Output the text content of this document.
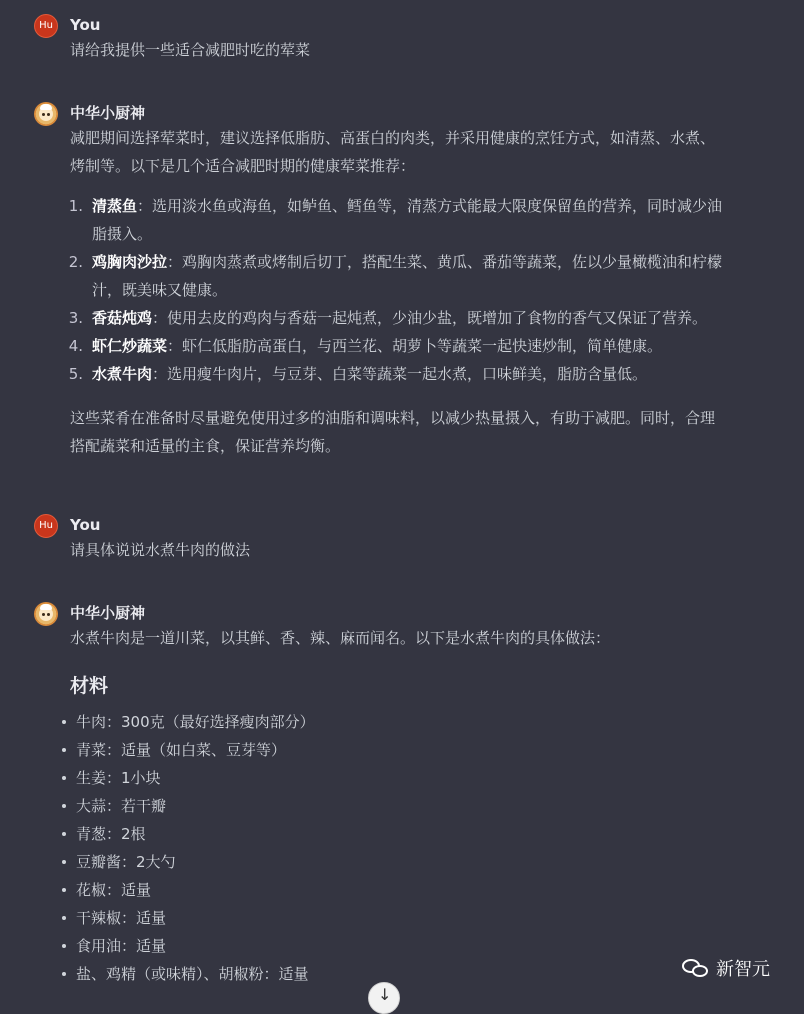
Hu	You

请给我提供一些适合减肥时吃的荤菜

中华小厨神

减肥期间选择荤菜时，建议选择低脂肪、高蛋白的肉类，并采用健康的烹饪方式，如清蒸、水煮、

烤制等。以下是几个适合减肥时期的健康荤菜推荐：

1. 清蒸鱼：选用淡水鱼或海鱼，如鲈鱼、鳕鱼等，清蒸方式能最大限度保留鱼的营养，同时减少油
脂摄入。
2. 鸡胸肉沙拉：鸡胸肉蒸煮或烤制后切丁，搭配生菜、黄瓜、番茄等蔬菜，佐以少量橄榄油和柠檬
汁，既美味又健康。
3. 香菇炖鸡：使用去皮的鸡肉与香菇一起炖煮，少油少盐，既增加了食物的香气又保证了营养。
4. 虾仁炒蔬菜：虾仁低脂肪高蛋白，与西兰花、胡萝卜等蔬菜一起快速炒制，简单健康。
5. 水煮牛肉：选用瘦牛肉片，与豆芽、白菜等蔬菜一起水煮，口味鲜美，脂肪含量低。

这些菜肴在准备时尽量避免使用过多的油脂和调味料，以减少热量摄入，有助于减肥。同时，合理

搭配蔬菜和适量的主食，保证营养均衡。

Hu	You

请具体说说水煮牛肉的做法

中华小厨神

水煮牛肉是一道川菜，以其鲜、香、辣、麻而闻名。以下是水煮牛肉的具体做法：

材料
牛肉：300克（最好选择瘦肉部分）
青菜：适量（如白菜、豆芽等）
生姜：1小块
大蒜：若干瓣
青葱：2根
豆瓣酱：2大勺
花椒：适量
干辣椒：适量
食用油：适量
盐、鸡精（或味精）、胡椒粉：适量
↓
新智元
